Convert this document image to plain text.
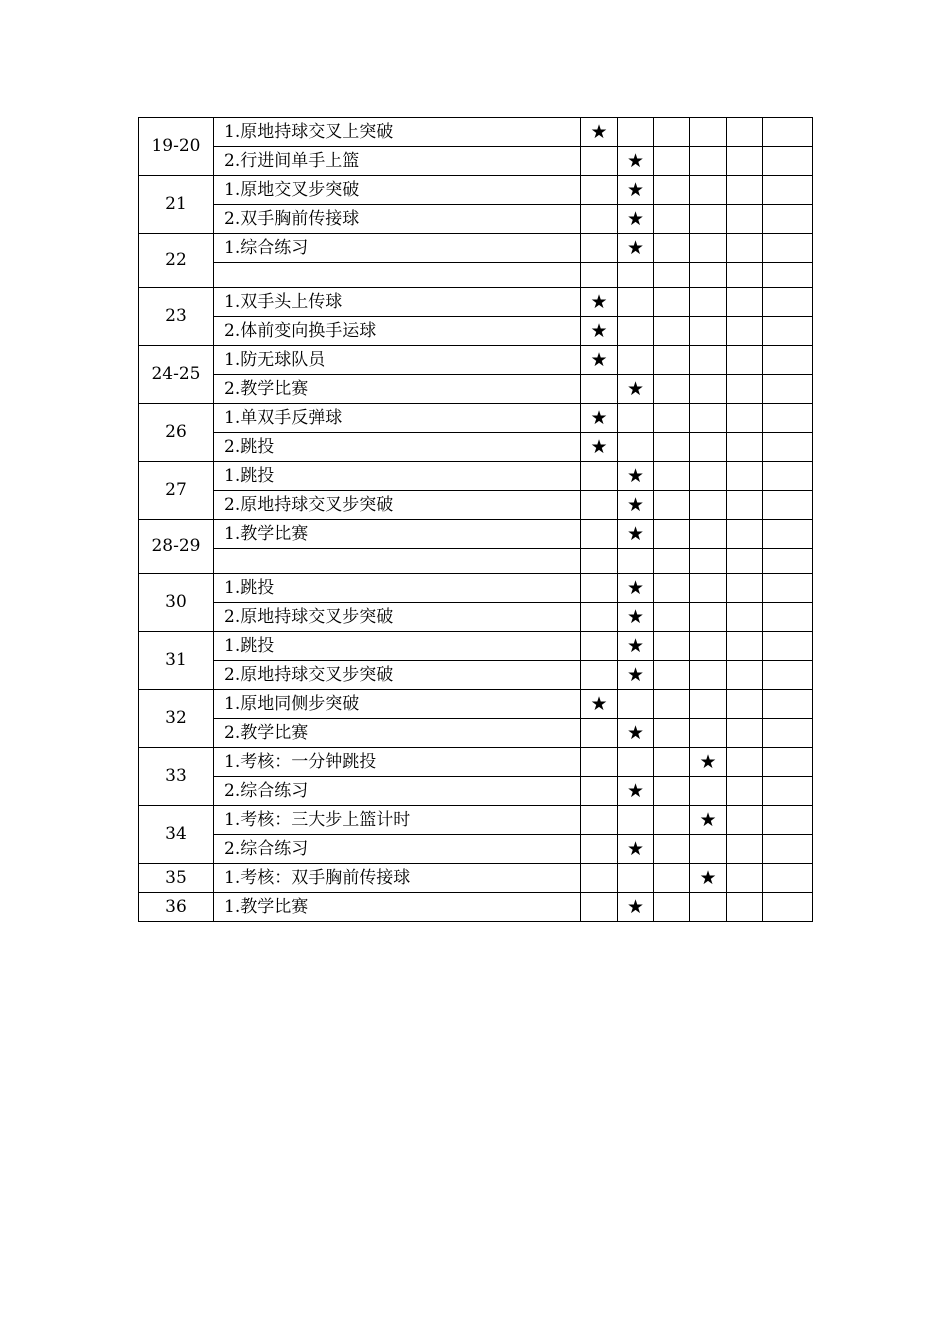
19-20	1.原地持球交叉上突破	★					
	2.行进间单手上篮		★				
21	1.原地交叉步突破		★				
	2.双手胸前传接球		★				
22	1.综合练习		★				

23	1.双手头上传球	★					
	2.体前变向换手运球	★					
24-25	1.防无球队员	★					
	2.教学比赛		★				
26	1.单双手反弹球	★					
	2.跳投	★					
27	1.跳投		★				
	2.原地持球交叉步突破		★				
28-29	1.教学比赛		★				

30	1.跳投		★				
	2.原地持球交叉步突破		★				
31	1.跳投		★				
	2.原地持球交叉步突破		★				
32	1.原地同侧步突破	★					
	2.教学比赛		★				
33	1.考核：一分钟跳投				★		
	2.综合练习		★				
34	1.考核：三大步上篮计时				★		
	2.综合练习		★				
35	1.考核：双手胸前传接球				★		
36	1.教学比赛		★				
